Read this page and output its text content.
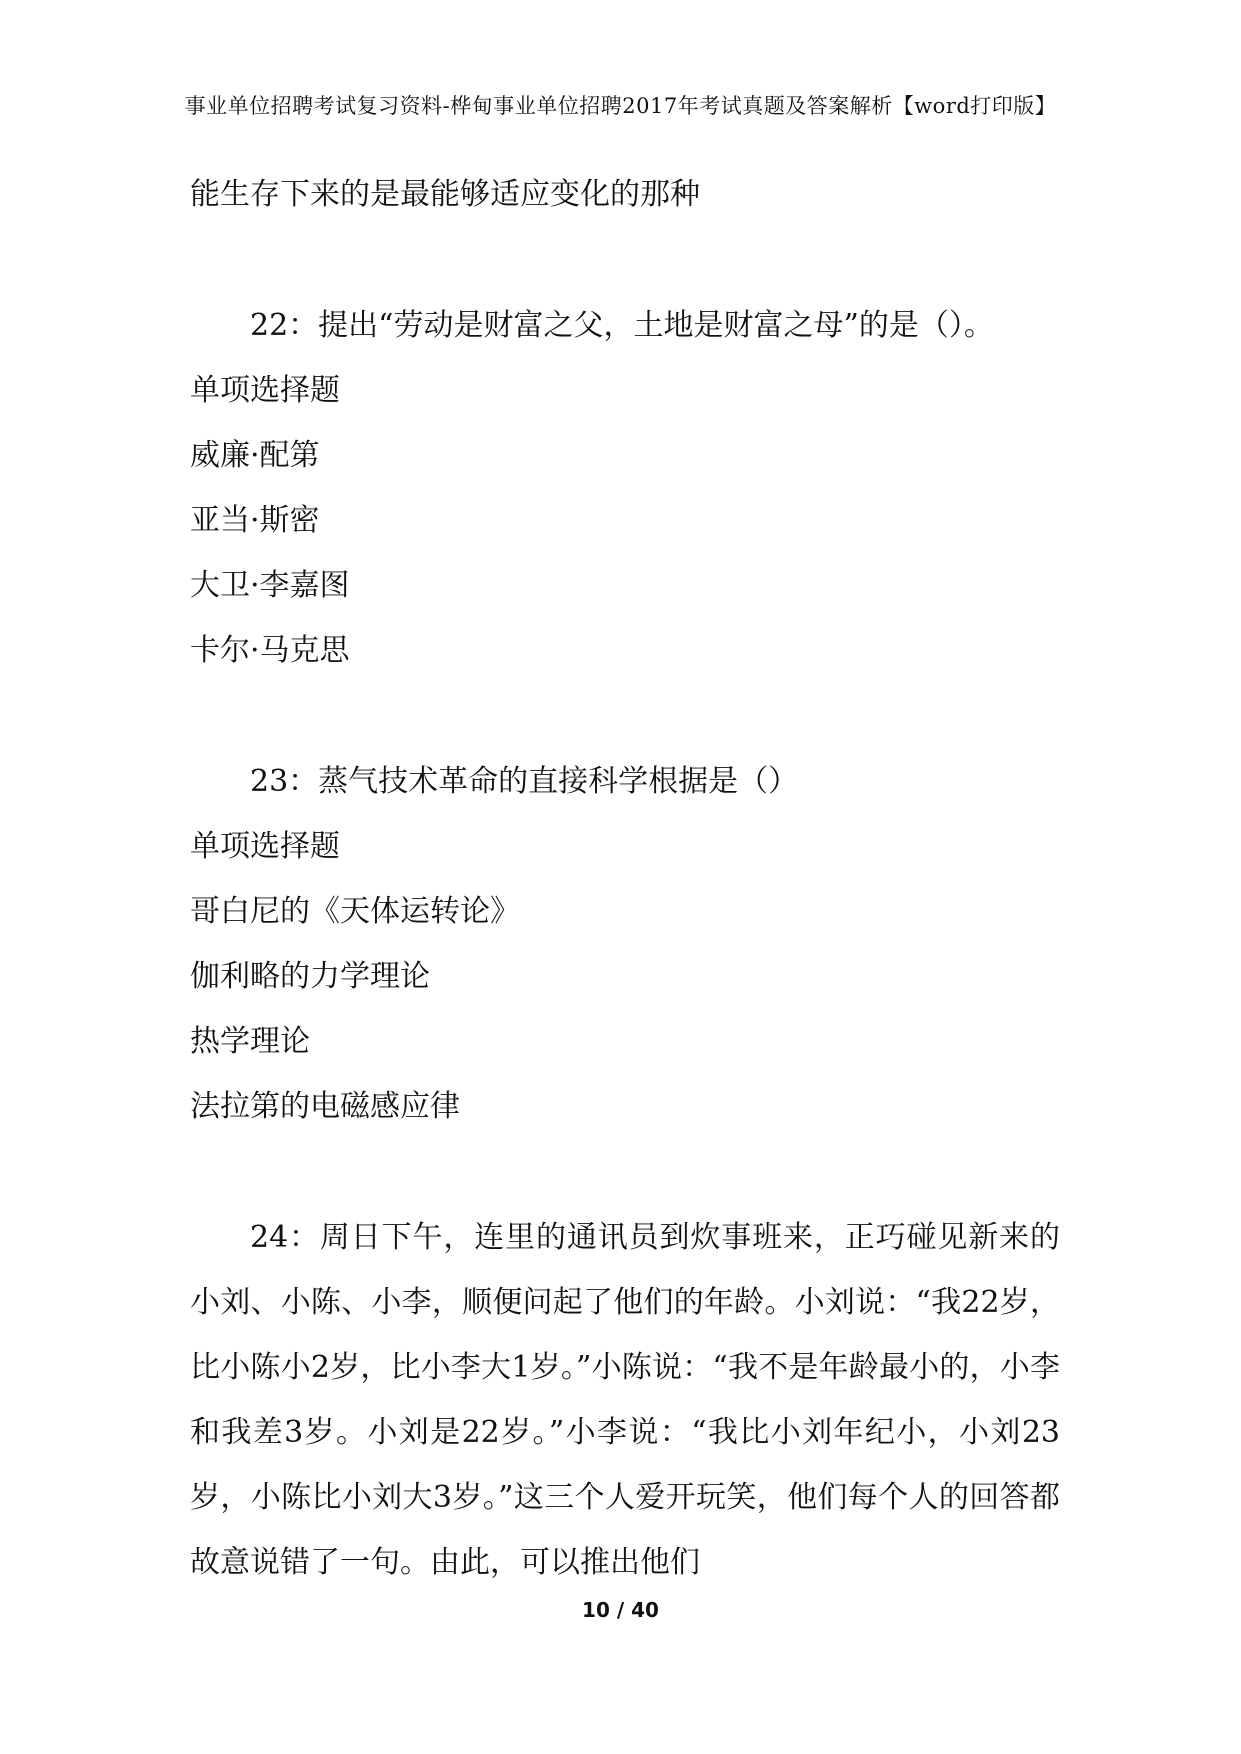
事业单位招聘考试复习资料-桦甸事业单位招聘2017年考试真题及答案解析【word打印版】

能生存下来的是最能够适应变化的那种

22：提出“劳动是财富之父，土地是财富之母”的是（）。

单项选择题

威廉·配第

亚当·斯密

大卫·李嘉图

卡尔·马克思

23：蒸气技术革命的直接科学根据是（）

单项选择题

哥白尼的《天体运转论》

伽利略的力学理论

热学理论

法拉第的电磁感应律

24：周日下午，连里的通讯员到炊事班来，正巧碰见新来的小刘、小陈、小李，顺便问起了他们的年龄。小刘说：“我22岁，比小陈小2岁，比小李大1岁。”小陈说：“我不是年龄最小的，小李和我差3岁。小刘是22岁。”小李说：“我比小刘年纪小，小刘23岁，小陈比小刘大3岁。”这三个人爱开玩笑，他们每个人的回答都故意说错了一句。由此，可以推出他们

10 / 40
